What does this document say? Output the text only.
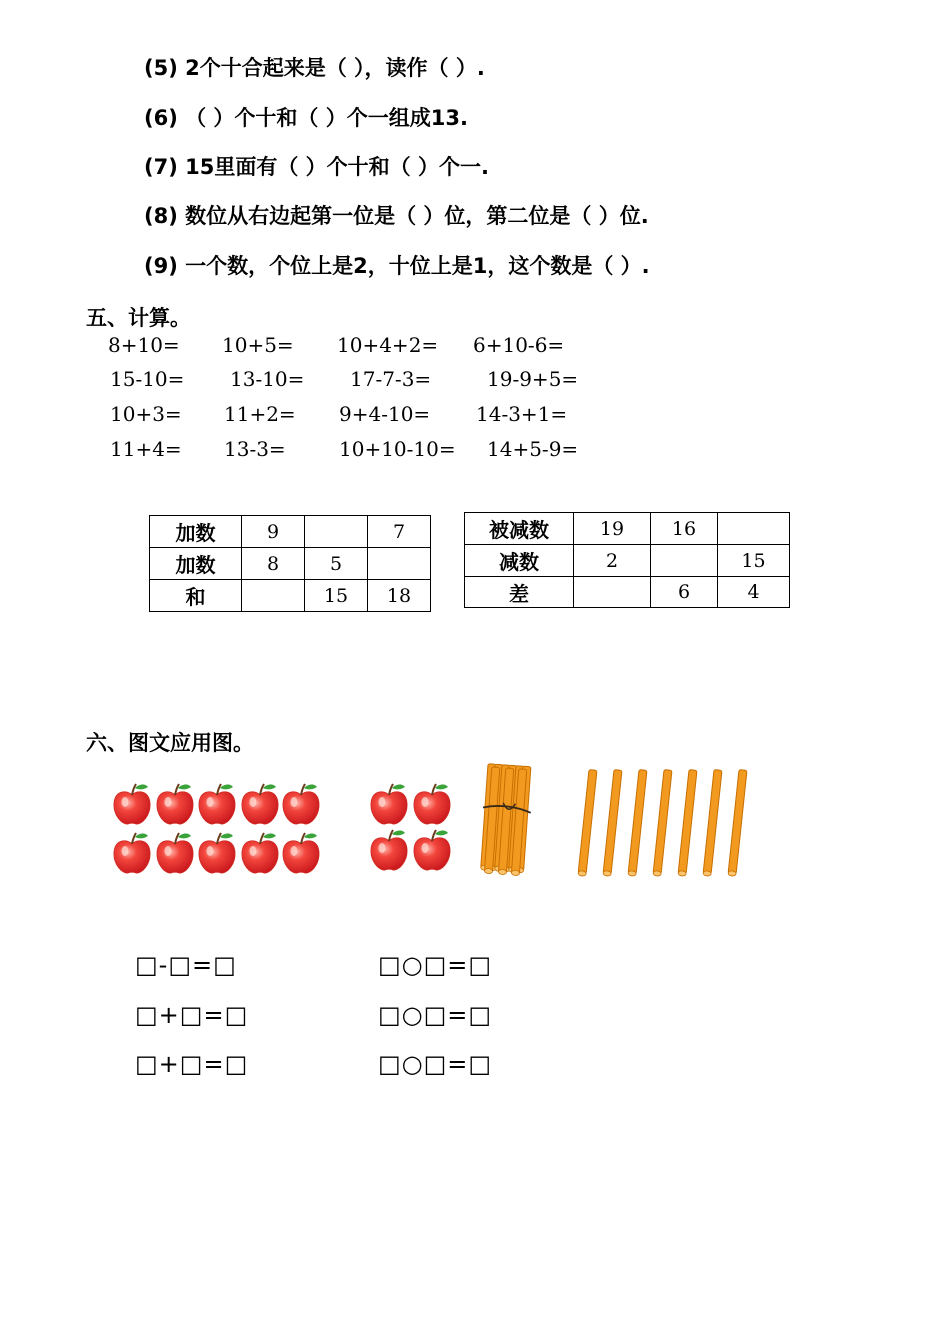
(5) 2个十合起来是（ ），读作（ ）.
(6) （ ）个十和（ ）个一组成13.
(7) 15里面有（ ）个十和（ ）个一.
(8) 数位从右边起第一位是（ ）位，第二位是（ ）位.
(9) 一个数，个位上是2，十位上是1，这个数是（ ）.
五、计算。
8+10= 10+5= 10+4+2= 6+10-6=
15-10= 13-10= 17-7-3=	19-9+5=
10+3= 11+2= 9+4-10= 14-3+1=
11+4= 13-3=	10+10-10= 14+5-9=
加数	9		7
加数	8	5	
和		15	18
被减数	19	16	
减数	2		15
差		6	4
六、图文应用图。
□-□=□
□+□=□
□+□=□
□○□=□
□○□=□
□○□=□
